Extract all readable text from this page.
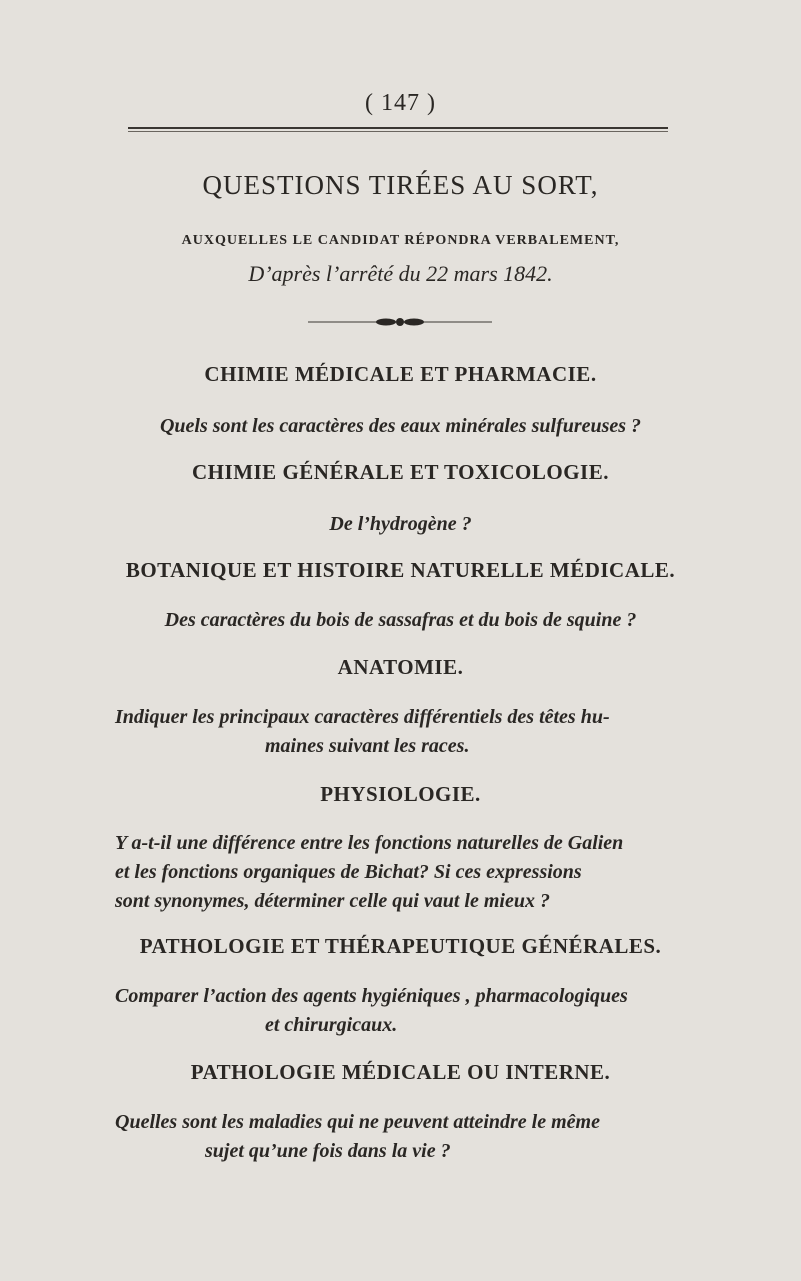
( 147 )
QUESTIONS TIRÉES AU SORT,
AUXQUELLES LE CANDIDAT RÉPONDRA VERBALEMENT,
D’après l’arrêté du 22 mars 1842.
CHIMIE MÉDICALE ET PHARMACIE.
Quels sont les caractères des eaux minérales sulfureuses ?
CHIMIE GÉNÉRALE ET TOXICOLOGIE.
De l’hydrogène ?
BOTANIQUE ET HISTOIRE NATURELLE MÉDICALE.
Des caractères du bois de sassafras et du bois de squine ?
ANATOMIE.
Indiquer les principaux caractères différentiels des têtes hu-
maines suivant les races.
PHYSIOLOGIE.
Y a-t-il une différence entre les fonctions naturelles de Galien
et les fonctions organiques de Bichat? Si ces expressions
sont synonymes, déterminer celle qui vaut le mieux ?
PATHOLOGIE ET THÉRAPEUTIQUE GÉNÉRALES.
Comparer l’action des agents hygiéniques , pharmacologiques
et chirurgicaux.
PATHOLOGIE MÉDICALE OU INTERNE.
Quelles sont les maladies qui ne peuvent atteindre le même
sujet qu’une fois dans la vie ?
